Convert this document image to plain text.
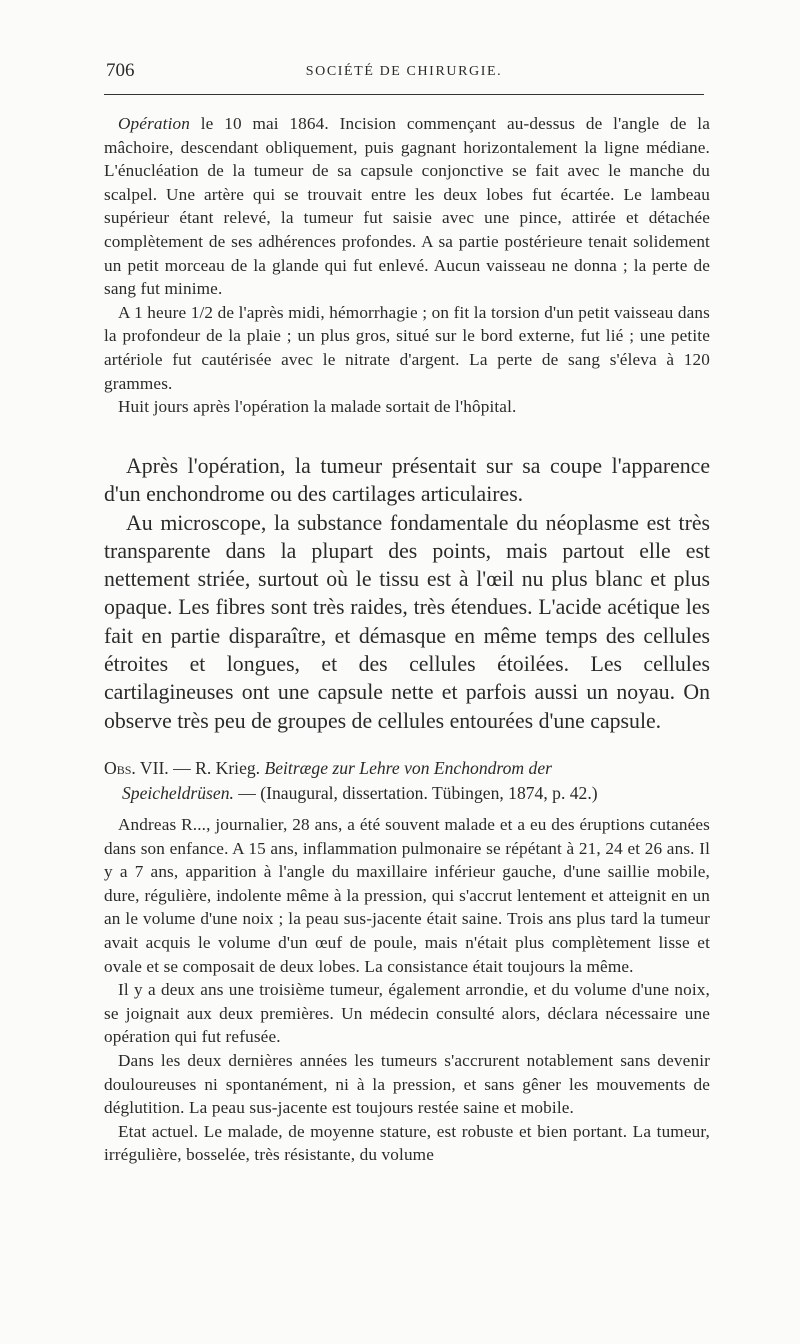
706	SOCIÉTÉ DE CHIRURGIE.

Opération le 10 mai 1864. Incision commençant au-dessus de l'angle de la mâchoire, descendant obliquement, puis gagnant horizontalement la ligne médiane. L'énucléation de la tumeur de sa capsule conjonctive se fait avec le manche du scalpel. Une artère qui se trouvait entre les deux lobes fut écartée. Le lambeau supérieur étant relevé, la tumeur fut saisie avec une pince, attirée et détachée complètement de ses adhérences profondes. A sa partie postérieure tenait solidement un petit morceau de la glande qui fut enlevé. Aucun vaisseau ne donna ; la perte de sang fut minime.

A 1 heure 1/2 de l'après midi, hémorrhagie ; on fit la torsion d'un petit vaisseau dans la profondeur de la plaie ; un plus gros, situé sur le bord externe, fut lié ; une petite artériole fut cautérisée avec le nitrate d'argent. La perte de sang s'éleva à 120 grammes.

Huit jours après l'opération la malade sortait de l'hôpital.

Après l'opération, la tumeur présentait sur sa coupe l'apparence d'un enchondrome ou des cartilages articulaires.

Au microscope, la substance fondamentale du néoplasme est très transparente dans la plupart des points, mais partout elle est nettement striée, surtout où le tissu est à l'œil nu plus blanc et plus opaque. Les fibres sont très raides, très étendues. L'acide acétique les fait en partie disparaître, et démasque en même temps des cellules étroites et longues, et des cellules étoilées. Les cellules cartilagineuses ont une capsule nette et parfois aussi un noyau. On observe très peu de groupes de cellules entourées d'une capsule.

Obs. VII. — R. Krieg. Beitræge zur Lehre von Enchondrom der

Speicheldrüsen. — (Inaugural, dissertation. Tübingen, 1874, p. 42.)

Andreas R..., journalier, 28 ans, a été souvent malade et a eu des éruptions cutanées dans son enfance. A 15 ans, inflammation pulmonaire se répétant à 21, 24 et 26 ans. Il y a 7 ans, apparition à l'angle du maxillaire inférieur gauche, d'une saillie mobile, dure, régulière, indolente même à la pression, qui s'accrut lentement et atteignit en un an le volume d'une noix ; la peau sus-jacente était saine. Trois ans plus tard la tumeur avait acquis le volume d'un œuf de poule, mais n'était plus complètement lisse et ovale et se composait de deux lobes. La consistance était toujours la même.

Il y a deux ans une troisième tumeur, également arrondie, et du volume d'une noix, se joignait aux deux premières. Un médecin consulté alors, déclara nécessaire une opération qui fut refusée.

Dans les deux dernières années les tumeurs s'accrurent notablement sans devenir douloureuses ni spontanément, ni à la pression, et sans gêner les mouvements de déglutition. La peau sus-jacente est toujours restée saine et mobile.

Etat actuel. Le malade, de moyenne stature, est robuste et bien portant. La tumeur, irrégulière, bosselée, très résistante, du volume
